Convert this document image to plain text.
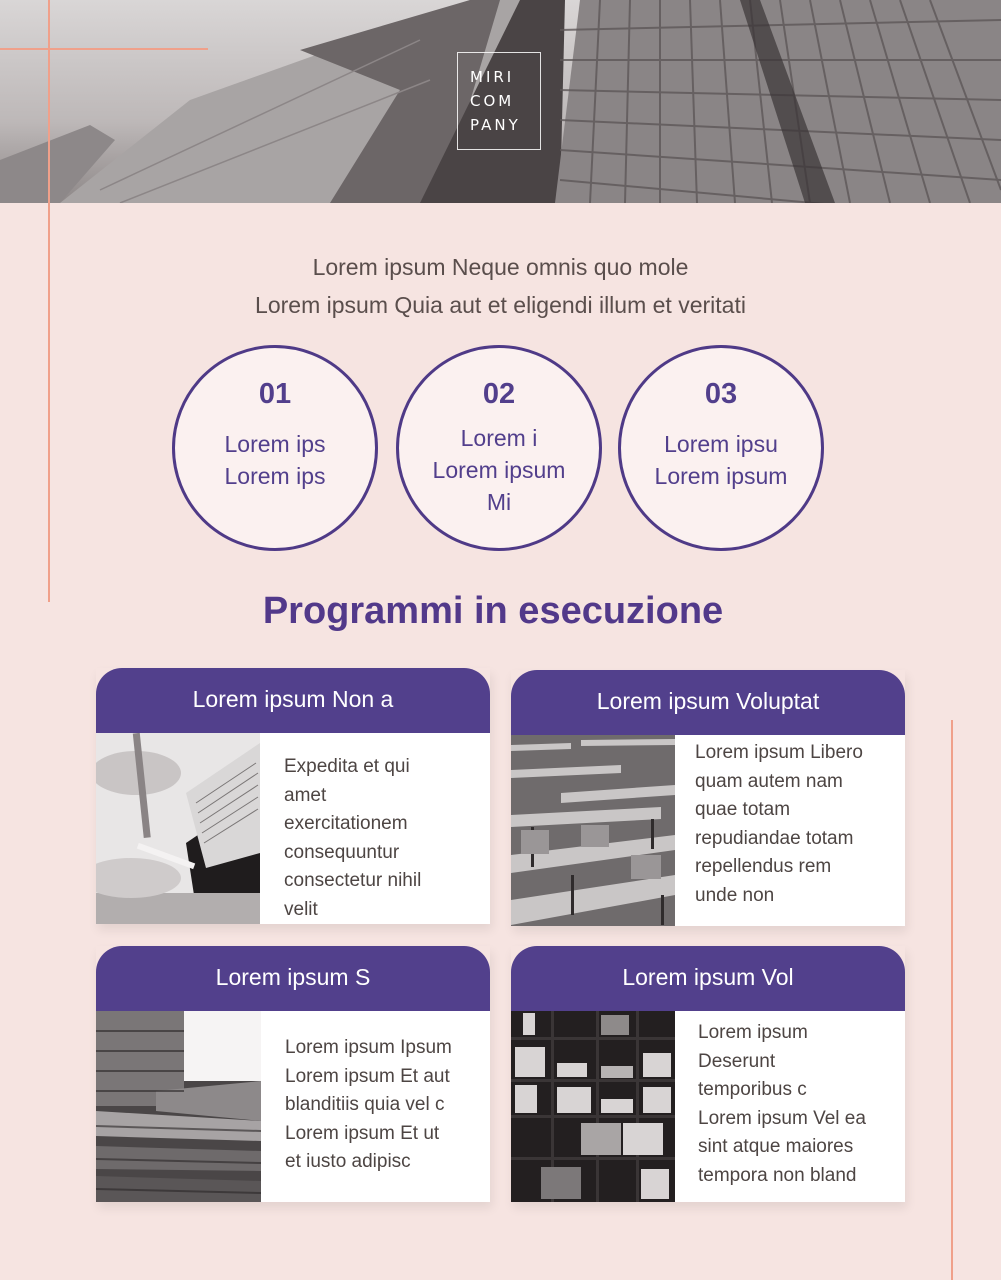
MIRI
COM
PANY
Lorem ipsum Neque omnis quo mole
Lorem ipsum Quia aut et eligendi illum et veritati
01
Lorem ips
Lorem ips
02
Lorem i
Lorem ipsum
Mi
03
Lorem ipsu
Lorem ipsum
Programmi in esecuzione
Lorem ipsum Non a
Expedita et qui
amet
exercitationem
consequuntur
consectetur nihil
velit
Lorem ipsum Voluptat
Lorem ipsum Libero
quam autem nam
quae totam
repudiandae totam
repellendus rem
unde non
Lorem ipsum S
Lorem ipsum Ipsum
Lorem ipsum Et aut
blanditiis quia vel c
Lorem ipsum Et ut
et iusto adipisc
Lorem ipsum Vol
Lorem ipsum
Deserunt
temporibus c
Lorem ipsum Vel ea
sint atque maiores
tempora non bland
